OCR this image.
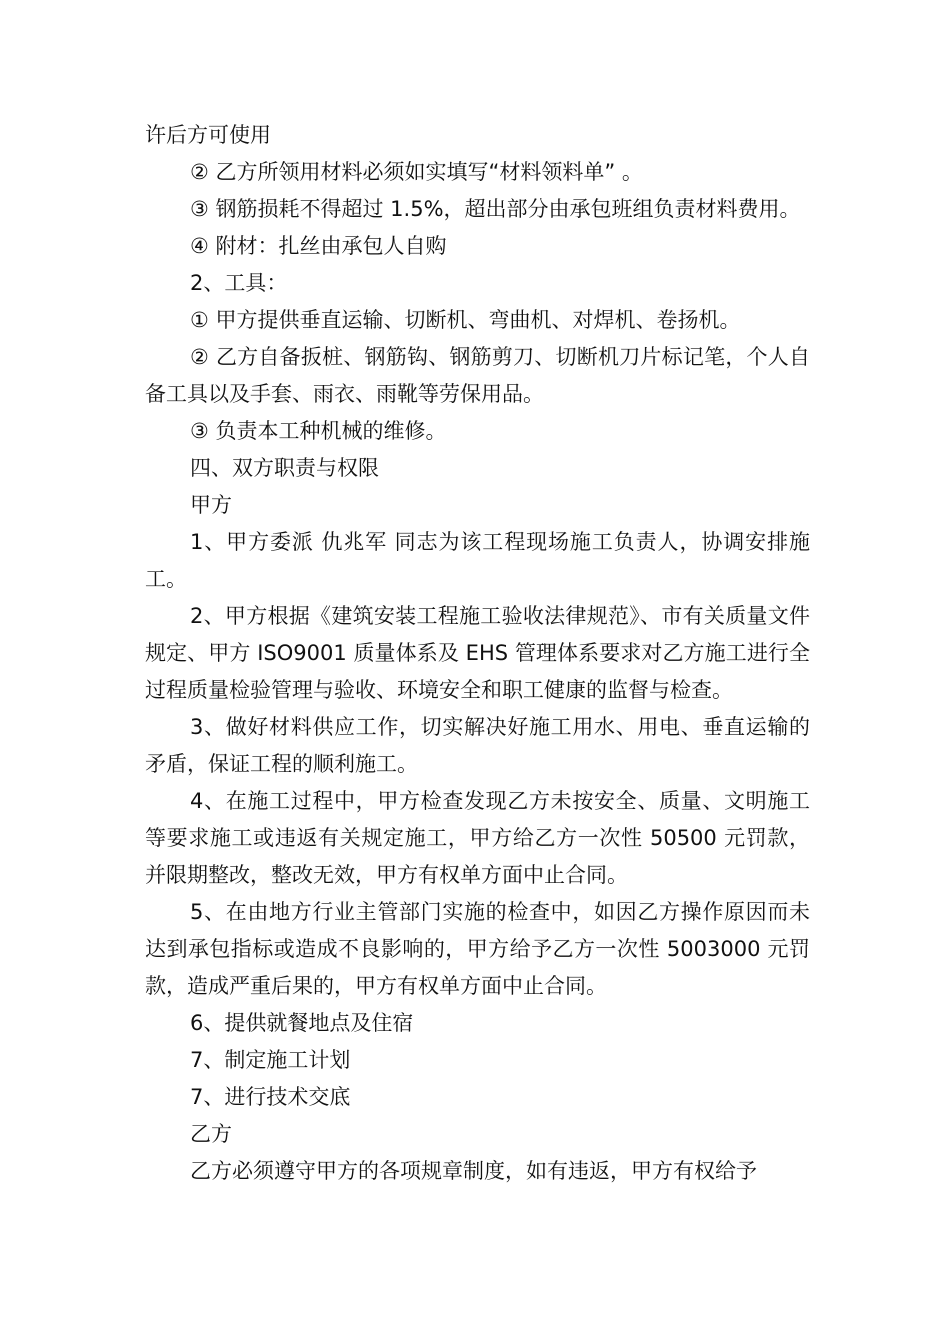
许后方可使用

② 乙方所领用材料必须如实填写“材料领料单” 。

③ 钢筋损耗不得超过 1.5%，超出部分由承包班组负责材料费用。

④ 附材：扎丝由承包人自购

2、工具：

① 甲方提供垂直运输、切断机、弯曲机、对焊机、卷扬机。

② 乙方自备扳桩、钢筋钩、钢筋剪刀、切断机刀片标记笔，个人自备工具以及手套、雨衣、雨靴等劳保用品。

③ 负责本工种机械的维修。

四、双方职责与权限

甲方

1、甲方委派 仇兆军 同志为该工程现场施工负责人，协调安排施工。

2、甲方根据《建筑安装工程施工验收法律规范》、市有关质量文件规定、甲方 ISO9001 质量体系及 EHS 管理体系要求对乙方施工进行全过程质量检验管理与验收、环境安全和职工健康的监督与检查。

3、做好材料供应工作，切实解决好施工用水、用电、垂直运输的矛盾，保证工程的顺利施工。

4、在施工过程中，甲方检查发现乙方未按安全、质量、文明施工等要求施工或违返有关规定施工，甲方给乙方一次性 50500 元罚款，并限期整改，整改无效，甲方有权单方面中止合同。

5、在由地方行业主管部门实施的检查中，如因乙方操作原因而未达到承包指标或造成不良影响的，甲方给予乙方一次性 5003000 元罚款，造成严重后果的，甲方有权单方面中止合同。

6、提供就餐地点及住宿

7、制定施工计划

7、进行技术交底

乙方

乙方必须遵守甲方的各项规章制度，如有违返，甲方有权给予
